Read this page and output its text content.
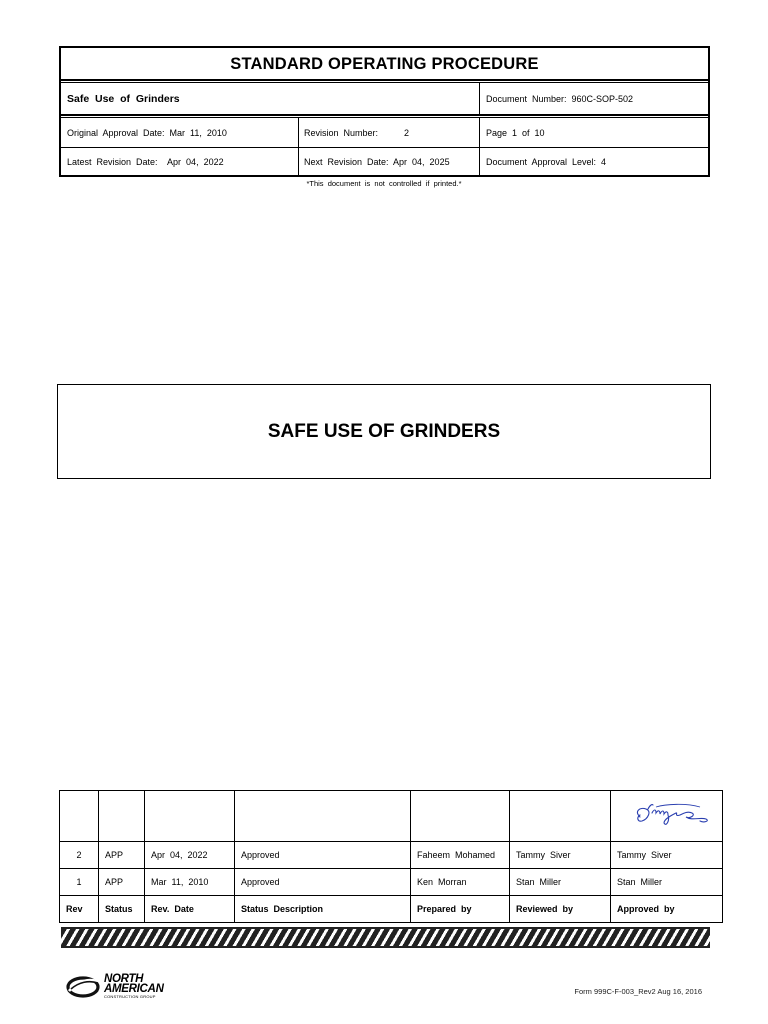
STANDARD OPERATING PROCEDURE
Safe  Use  of  Grinders	Document  Number:  960C-SOP-502
Original  Approval  Date:  Mar  11,  2010	Revision  Number:	2	Page  1  of  10
Latest  Revision  Date:    Apr  04,  2022	Next  Revision  Date:  Apr  04,  2025	Document  Approval  Level:  4
*This  document  is  not  controlled  if  printed.*
SAFE USE OF GRINDERS

2	APP	Apr  04,  2022	Approved	Faheem  Mohamed	Tammy  Siver	Tammy  Siver
1	APP	Mar  11,  2010	Approved	Ken  Morran	Stan  Miller	Stan  Miller
Rev	Status	Rev.  Date	Status  Description	Prepared  by	Reviewed  by	Approved  by
NORTH
AMERICAN
CONSTRUCTION GROUP
Form 999C-F-003_Rev2 Aug 16, 2016
